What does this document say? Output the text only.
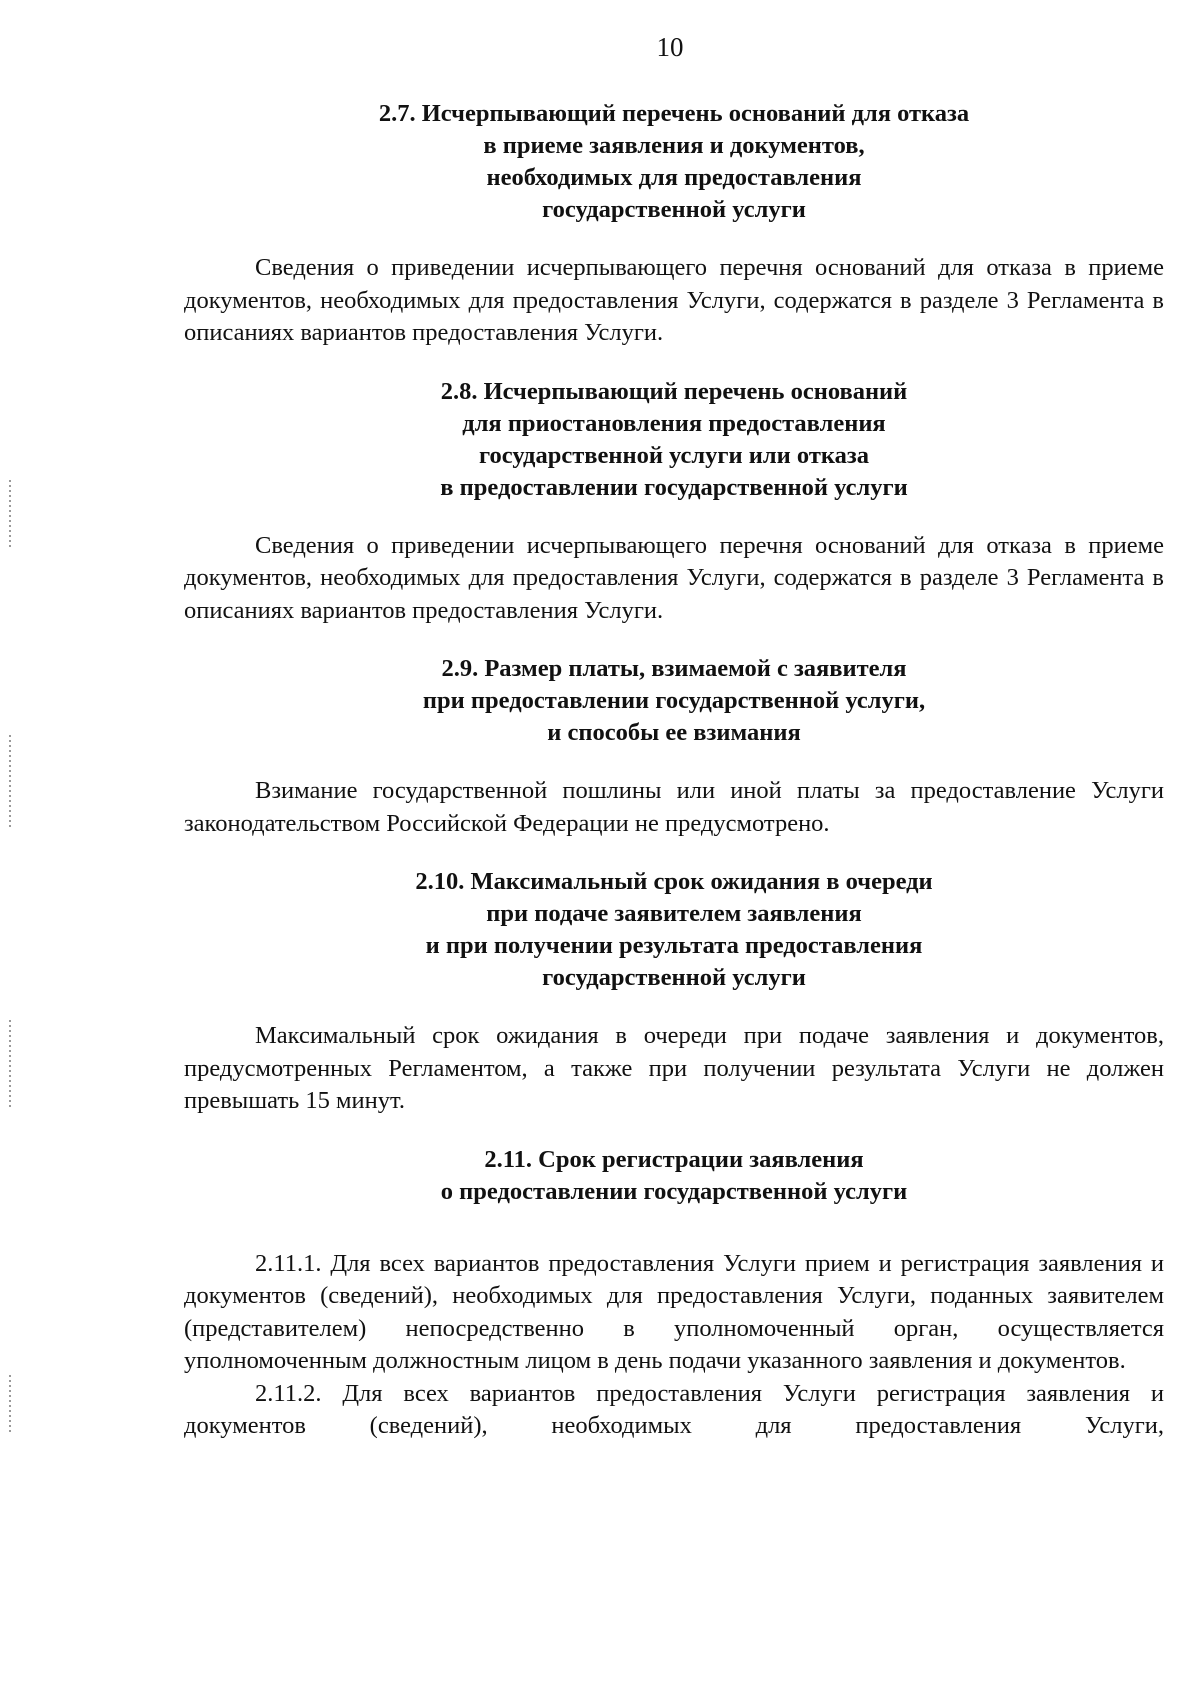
10
2.7. Исчерпывающий перечень оснований для отказа
в приеме заявления и документов,
необходимых для предоставления
государственной услуги

Сведения о приведении исчерпывающего перечня оснований для отказа в приеме документов, необходимых для предоставления Услуги, содержатся в разделе 3 Регламента в описаниях вариантов предоставления Услуги.

2.8. Исчерпывающий перечень оснований
для приостановления предоставления
государственной услуги или отказа
в предоставлении государственной услуги

Сведения о приведении исчерпывающего перечня оснований для отказа в приеме документов, необходимых для предоставления Услуги, содержатся в разделе 3 Регламента в описаниях вариантов предоставления Услуги.

2.9. Размер платы, взимаемой с заявителя
при предоставлении государственной услуги,
и способы ее взимания

Взимание государственной пошлины или иной платы за предоставление Услуги законодательством Российской Федерации не предусмотрено.

2.10. Максимальный срок ожидания в очереди
при подаче заявителем заявления
и при получении результата предоставления
государственной услуги

Максимальный срок ожидания в очереди при подаче заявления и документов, предусмотренных Регламентом, а также при получении результата Услуги не должен превышать 15 минут.

2.11. Срок регистрации заявления
о предоставлении государственной услуги

2.11.1. Для всех вариантов предоставления Услуги прием и регистрация заявления и документов (сведений), необходимых для предоставления Услуги, поданных заявителем (представителем) непосредственно в уполномоченный орган, осуществляется уполномоченным должностным лицом в день подачи указанного заявления и документов.

2.11.2. Для всех вариантов предоставления Услуги регистрация заявления и документов (сведений), необходимых для предоставления Услуги,
